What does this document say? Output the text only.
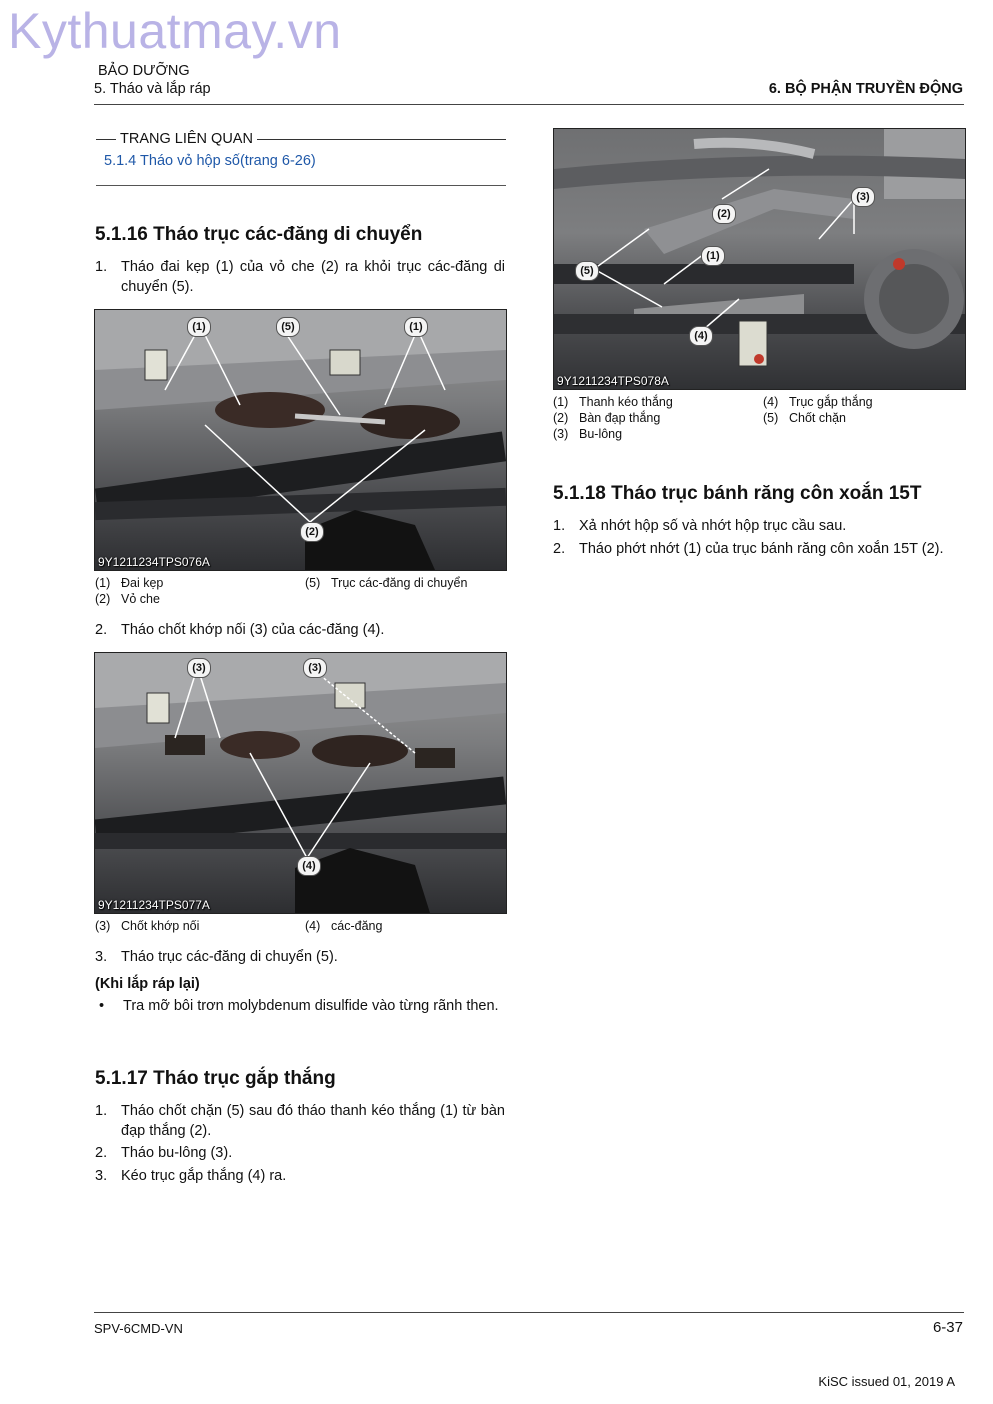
Kythuatmay.vn
BẢO DƯỠNG
5. Tháo và lắp ráp	6. BỘ PHẬN TRUYỀN ĐỘNG
TRANG LIÊN QUAN
5.1.4 Tháo vỏ hộp số(trang 6-26)
5.1.16 Tháo trục các-đăng di chuyển
1. Tháo đai kẹp (1) của vỏ che (2) ra khỏi trục các-đăng di chuyển (5).
(1)	(5)	(1)
(2)
9Y1211234TPS076A
(1) Đai kẹp	(5) Trục các-đăng di chuyển
(2) Vỏ che
2. Tháo chốt khớp nối (3) của các-đăng (4).
(3)	(3)
(4)
9Y1211234TPS077A
(3) Chốt khớp nối	(4) các-đăng
3. Tháo trục các-đăng di chuyển (5).
(Khi lắp ráp lại)
• Tra mỡ bôi trơn molybdenum disulfide vào từng rãnh then.
5.1.17 Tháo trục gắp thắng
1. Tháo chốt chặn (5) sau đó tháo thanh kéo thắng (1) từ bàn đạp thắng (2).
2. Tháo bu-lông (3).
3. Kéo trục gắp thắng (4) ra.
(2)
(3)
(1)
(5)
(4)
9Y1211234TPS078A
(1) Thanh kéo thắng	(4) Trục gắp thắng
(2) Bàn đạp thắng	(5) Chốt chặn
(3) Bu-lông
5.1.18 Tháo trục bánh răng côn xoắn 15T
1. Xả nhớt hộp số và nhớt hộp trục cầu sau.
2. Tháo phớt nhớt (1) của trục bánh răng côn xoắn 15T (2).
SPV-6CMD-VN	6-37
KiSC issued 01, 2019 A
